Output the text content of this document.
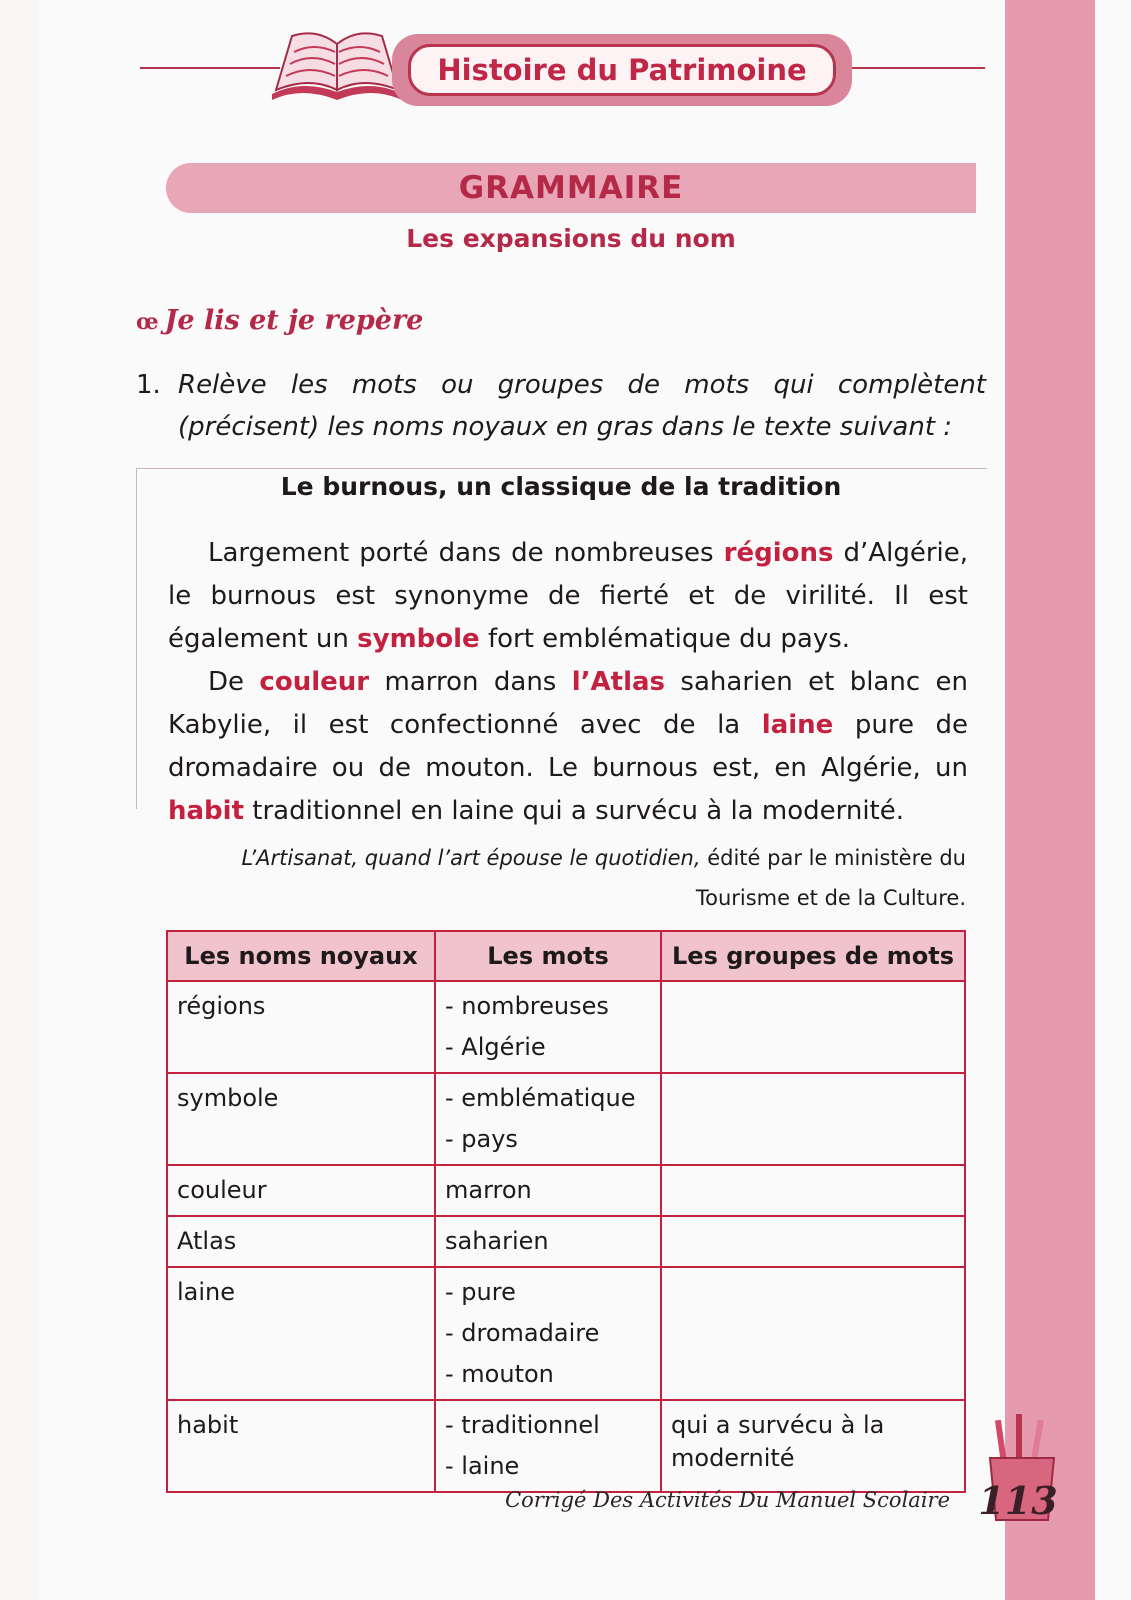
Histoire du Patrimoine
GRAMMAIRE
Les expansions du nom
œ Je lis et je repère
1. Relève les mots ou groupes de mots qui complètent (précisent) les noms noyaux en gras dans le texte suivant :

Le burnous, un classique de la tradition

Largement porté dans de nombreuses régions d’Algérie, le burnous est synonyme de fierté et de virilité. Il est également un symbole fort emblématique du pays.

De couleur marron dans l’Atlas saharien et blanc en Kabylie, il est confectionné avec de la laine pure de dromadaire ou de mouton. Le burnous est, en Algérie, un habit traditionnel en laine qui a survécu à la modernité.

L’Artisanat, quand l’art épouse le quotidien, édité par le ministère du Tourisme et de la Culture.
Les noms noyaux	Les mots	Les groupes de mots
régions	- nombreuses
- Algérie	

symbole	- emblématique
- pays	

couleur	marron	

Atlas	saharien	

laine	- pure
- dromadaire
- mouton	

habit	- traditionnel
- laine	qui a survécu à la modernité
Corrigé Des Activités Du Manuel Scolaire 113
